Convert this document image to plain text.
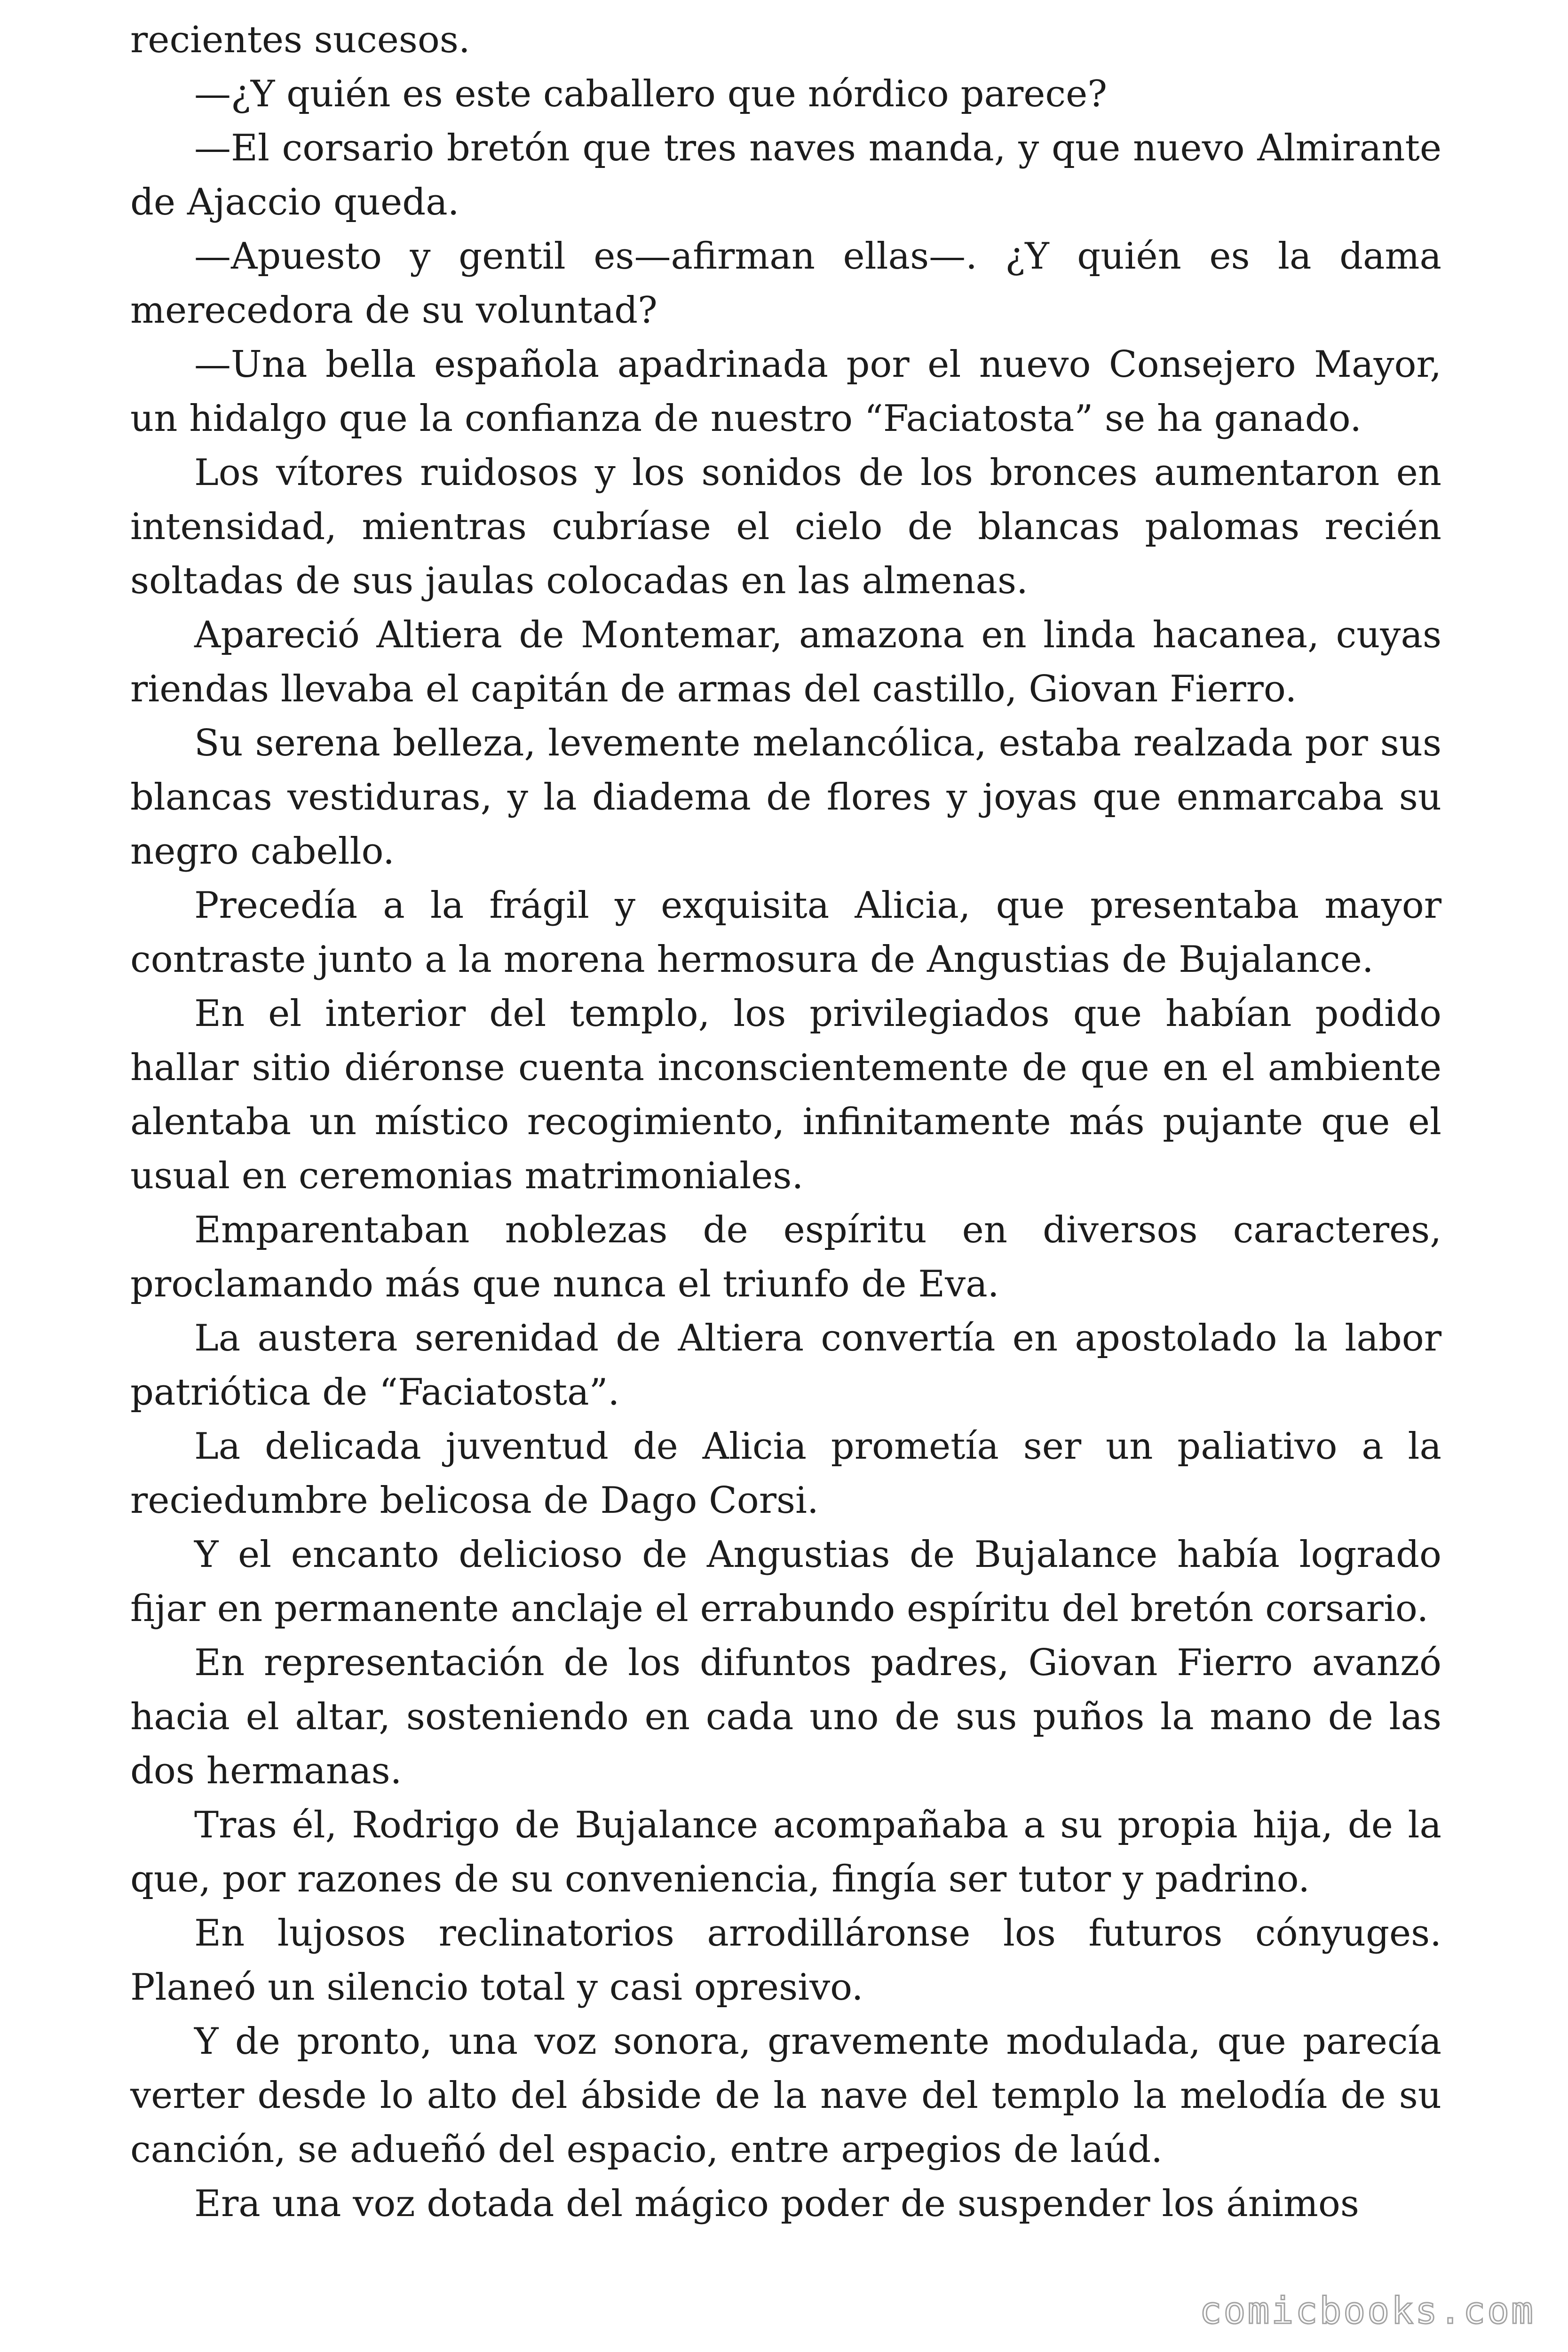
recientes sucesos.

—¿Y quién es este caballero que nórdico parece?

—El corsario bretón que tres naves manda, y que nuevo Almirante de Ajaccio queda.

—Apuesto y gentil es—afirman ellas—. ¿Y quién es la dama merecedora de su voluntad?

—Una bella española apadrinada por el nuevo Consejero Mayor, un hidalgo que la confianza de nuestro “Faciatosta” se ha ganado.

Los vítores ruidosos y los sonidos de los bronces aumentaron en intensidad, mientras cubríase el cielo de blancas palomas recién soltadas de sus jaulas colocadas en las almenas.

Apareció Altiera de Montemar, amazona en linda hacanea, cuyas riendas llevaba el capitán de armas del castillo, Giovan Fierro.

Su serena belleza, levemente melancólica, estaba realzada por sus blancas vestiduras, y la diadema de flores y joyas que enmarcaba su negro cabello.

Precedía a la frágil y exquisita Alicia, que presentaba mayor contraste junto a la morena hermosura de Angustias de Bujalance.

En el interior del templo, los privilegiados que habían podido hallar sitio diéronse cuenta inconscientemente de que en el ambiente alentaba un místico recogimiento, infinitamente más pujante que el usual en ceremonias matrimoniales.

Emparentaban noblezas de espíritu en diversos caracteres, proclamando más que nunca el triunfo de Eva.

La austera serenidad de Altiera convertía en apostolado la labor patriótica de “Faciatosta”.

La delicada juventud de Alicia prometía ser un paliativo a la reciedumbre belicosa de Dago Corsi.

Y el encanto delicioso de Angustias de Bujalance había logrado fijar en permanente anclaje el errabundo espíritu del bretón corsario.

En representación de los difuntos padres, Giovan Fierro avanzó hacia el altar, sosteniendo en cada uno de sus puños la mano de las dos hermanas.

Tras él, Rodrigo de Bujalance acompañaba a su propia hija, de la que, por razones de su conveniencia, fingía ser tutor y padrino.

En lujosos reclinatorios arrodilláronse los futuros cónyuges. Planeó un silencio total y casi opresivo.

Y de pronto, una voz sonora, gravemente modulada, que parecía verter desde lo alto del ábside de la nave del templo la melodía de su canción, se adueñó del espacio, entre arpegios de laúd.

Era una voz dotada del mágico poder de suspender los ánimos

comicbooks.com
